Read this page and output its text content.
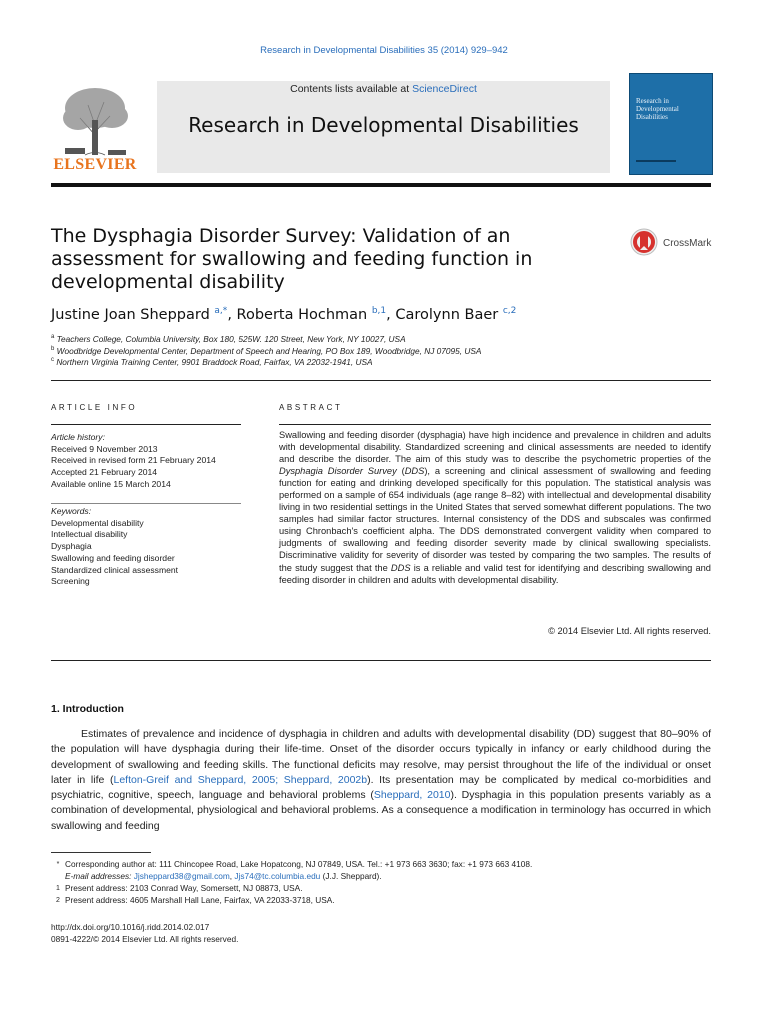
Research in Developmental Disabilities 35 (2014) 929–942
ELSEVIER
Contents lists available at ScienceDirect
Research in Developmental Disabilities
Research in Developmental Disabilities
The Dysphagia Disorder Survey: Validation of an assessment for swallowing and feeding function in developmental disability
CrossMark
Justine Joan Sheppard $^{a,*}$, Roberta Hochman $^{b,1}$, Carolynn Baer $^{c,2}$
$^a$ Teachers College, Columbia University, Box 180, 525W. 120 Street, New York, NY 10027, USA
$^b$ Woodbridge Developmental Center, Department of Speech and Hearing, PO Box 189, Woodbridge, NJ 07095, USA
$^c$ Northern Virginia Training Center, 9901 Braddock Road, Fairfax, VA 22032-1941, USA
ARTICLE INFO
Article history:
Received 9 November 2013
Received in revised form 21 February 2014
Accepted 21 February 2014
Available online 15 March 2014
Keywords:
Developmental disability
Intellectual disability
Dysphagia
Swallowing and feeding disorder
Standardized clinical assessment
Screening
ABSTRACT
Swallowing and feeding disorder (dysphagia) have high incidence and prevalence in children and adults with developmental disability. Standardized screening and clinical assessments are needed to identify and describe the disorder. The aim of this study was to describe the psychometric properties of the Dysphagia Disorder Survey (DDS), a screening and clinical assessment of swallowing and feeding function for eating and drinking developed specifically for this population. The statistical analysis was performed on a sample of 654 individuals (age range 8–82) with intellectual and developmental disability living in two residential settings in the United States that served somewhat different populations. The two samples had similar factor structures. Internal consistency of the DDS and subscales was confirmed using Chronbach's coefficient alpha. The DDS demonstrated convergent validity when compared to judgments of swallowing and feeding disorder severity made by clinical swallowing specialists. Discriminative validity for severity of disorder was tested by comparing the two samples. The results of the study suggest that the DDS is a reliable and valid test for identifying and describing swallowing and feeding disorder in children and adults with developmental disability.
© 2014 Elsevier Ltd. All rights reserved.
1. Introduction
Estimates of prevalence and incidence of dysphagia in children and adults with developmental disability (DD) suggest that 80–90% of the population will have dysphagia during their life-time. Onset of the disorder occurs typically in infancy or early childhood during the development of swallowing and feeding skills. The functional deficits may resolve, may persist throughout the life of the individual or onset later in life (Lefton-Greif and Sheppard, 2005; Sheppard, 2002b). Its presentation may be complicated by medical co-morbidities and psychiatric, cognitive, speech, language and behavioral problems (Sheppard, 2010). Dysphagia in this population presents variably as a combination of developmental, physiological and behavioral problems. As a consequence a modification in terminology has occurred in which swallowing and feeding
* Corresponding author at: 111 Chincopee Road, Lake Hopatcong, NJ 07849, USA. Tel.: +1 973 663 3630; fax: +1 973 663 4108.
E-mail addresses: Jjsheppard38@gmail.com, Jjs74@tc.columbia.edu (J.J. Sheppard).
1 Present address: 2103 Conrad Way, Somersett, NJ 08873, USA.
2 Present address: 4605 Marshall Hall Lane, Fairfax, VA 22033-3718, USA.
http://dx.doi.org/10.1016/j.ridd.2014.02.017
0891-4222/© 2014 Elsevier Ltd. All rights reserved.
